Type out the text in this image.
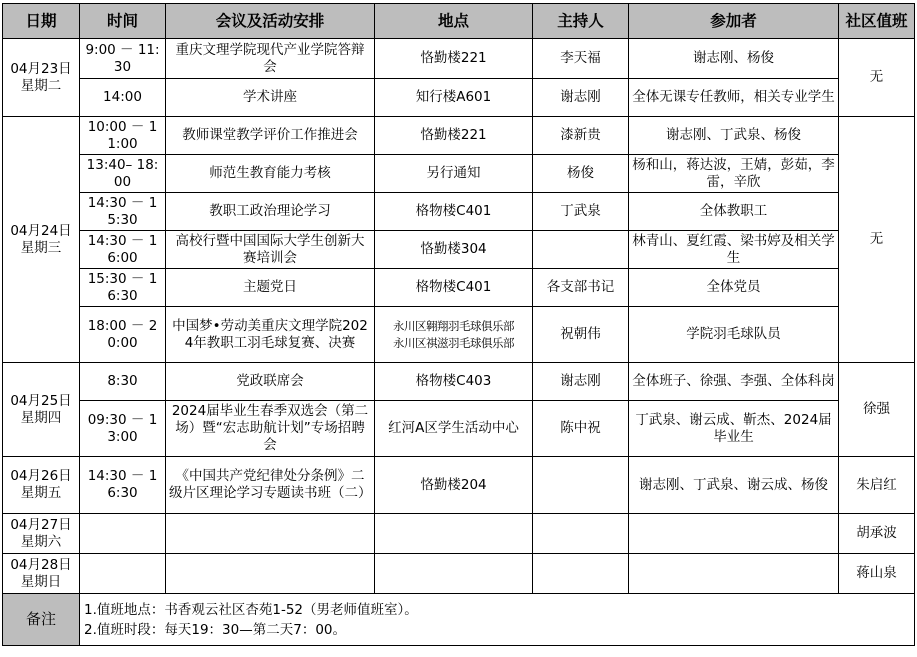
日期	时间	会议及活动安排	地点	主持人	参加者	社区值班

04月23日
星期二	9:00 － 11:30	重庆文理学院现代产业学院答辩会	恪勤楼221	李天福	谢志刚、杨俊	无
	14:00	学术讲座	知行楼A601	谢志刚	全体无课专任教师，相关专业学生	

04月24日
星期三	10:00 － 11:00	教师课堂教学评价工作推进会	恪勤楼221	漆新贵	谢志刚、丁武泉、杨俊	无
	13:40– 18:00	师范生教育能力考核	另行通知	杨俊	杨和山，蒋达波，王婧，彭茹，李雷，辛欣	
	14:30 － 15:30	教职工政治理论学习	格物楼C401	丁武泉	全体教职工	
	14:30 － 16:00	高校行暨中国国际大学生创新大赛培训会	恪勤楼304		林青山、夏红霞、梁书婷及相关学生	
	15:30 － 16:30	主题党日	格物楼C401	各支部书记	全体党员	
	18:00 － 20:00	中国梦•劳动美重庆文理学院2024年教职工羽毛球复赛、决赛	永川区翱翔羽毛球俱乐部
永川区祺滋羽毛球俱乐部	祝朝伟	学院羽毛球队员	

04月25日
星期四	8:30	党政联席会	格物楼C403	谢志刚	全体班子、徐强、李强、全体科岗	徐强
	09:30 － 13:00	2024届毕业生春季双选会（第二场）暨“宏志助航计划”专场招聘会	红河A区学生活动中心	陈中祝	丁武泉、谢云成、靳杰、2024届毕业生	

04月26日
星期五	14:30 － 16:30	《中国共产党纪律处分条例》二级片区理论学习专题读书班（二）	恪勤楼204		谢志刚、丁武泉、谢云成、杨俊	朱启红

04月27日
星期六						胡承波

04月28日
星期日						蒋山泉
备注	1.值班地点：书香观云社区杏苑1-52（男老师值班室）。
2.值班时段：每天19：30—第二天7：00。					
